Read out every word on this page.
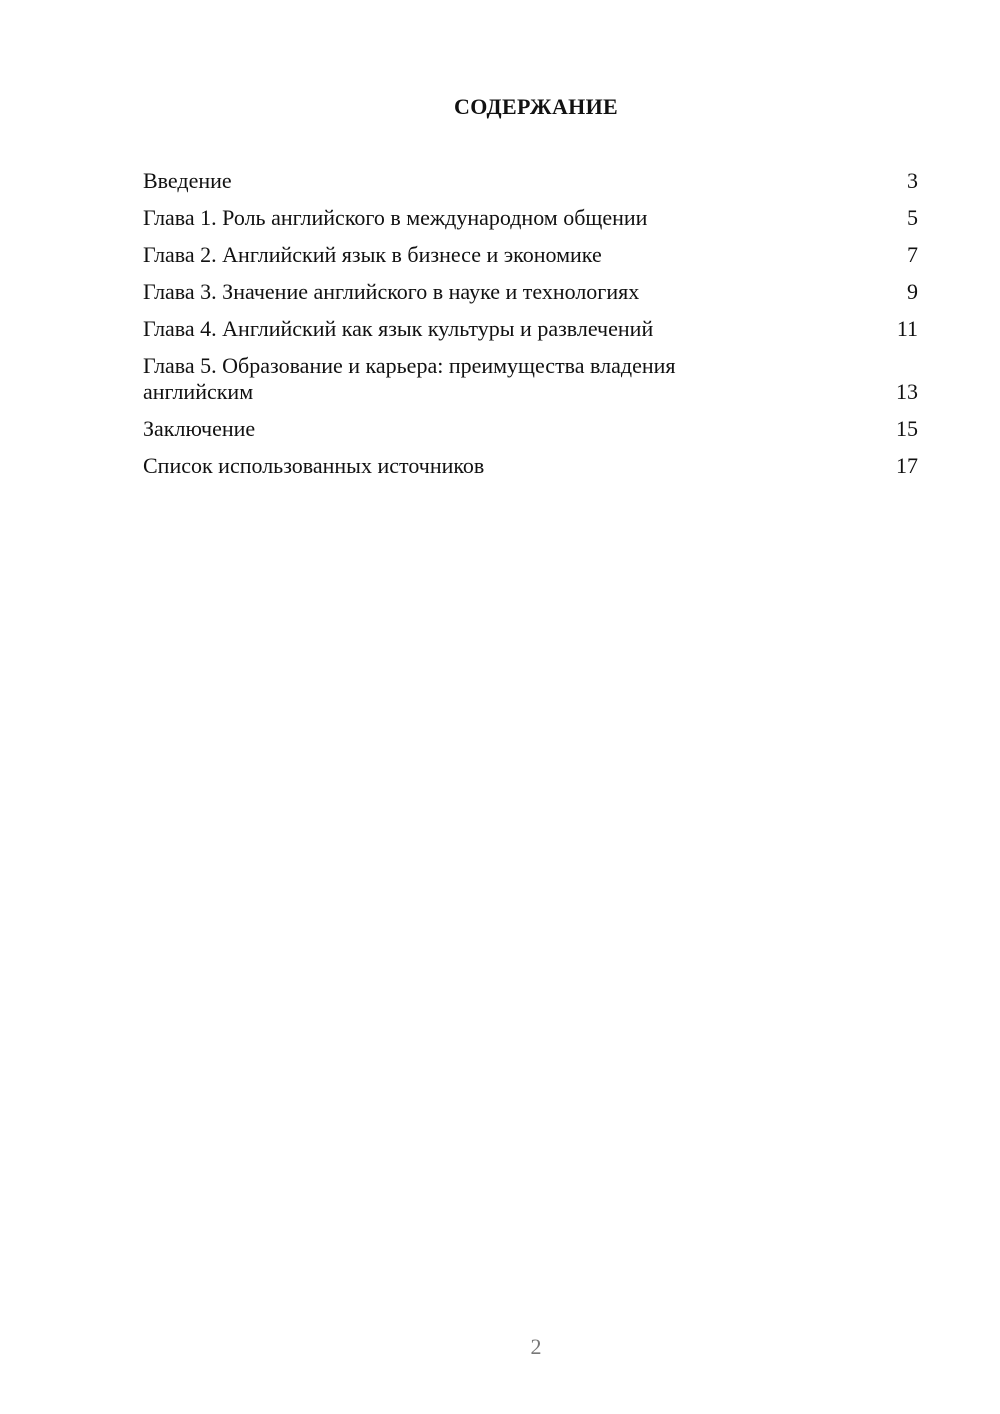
СОДЕРЖАНИЕ
Введение	3
Глава 1. Роль английского в международном общении	5
Глава 2. Английский язык в бизнесе и экономике	7
Глава 3. Значение английского в науке и технологиях	9
Глава 4. Английский как язык культуры и развлечений	11
Глава 5. Образование и карьера: преимущества владения
английским	13
Заключение	15
Список использованных источников	17

2
